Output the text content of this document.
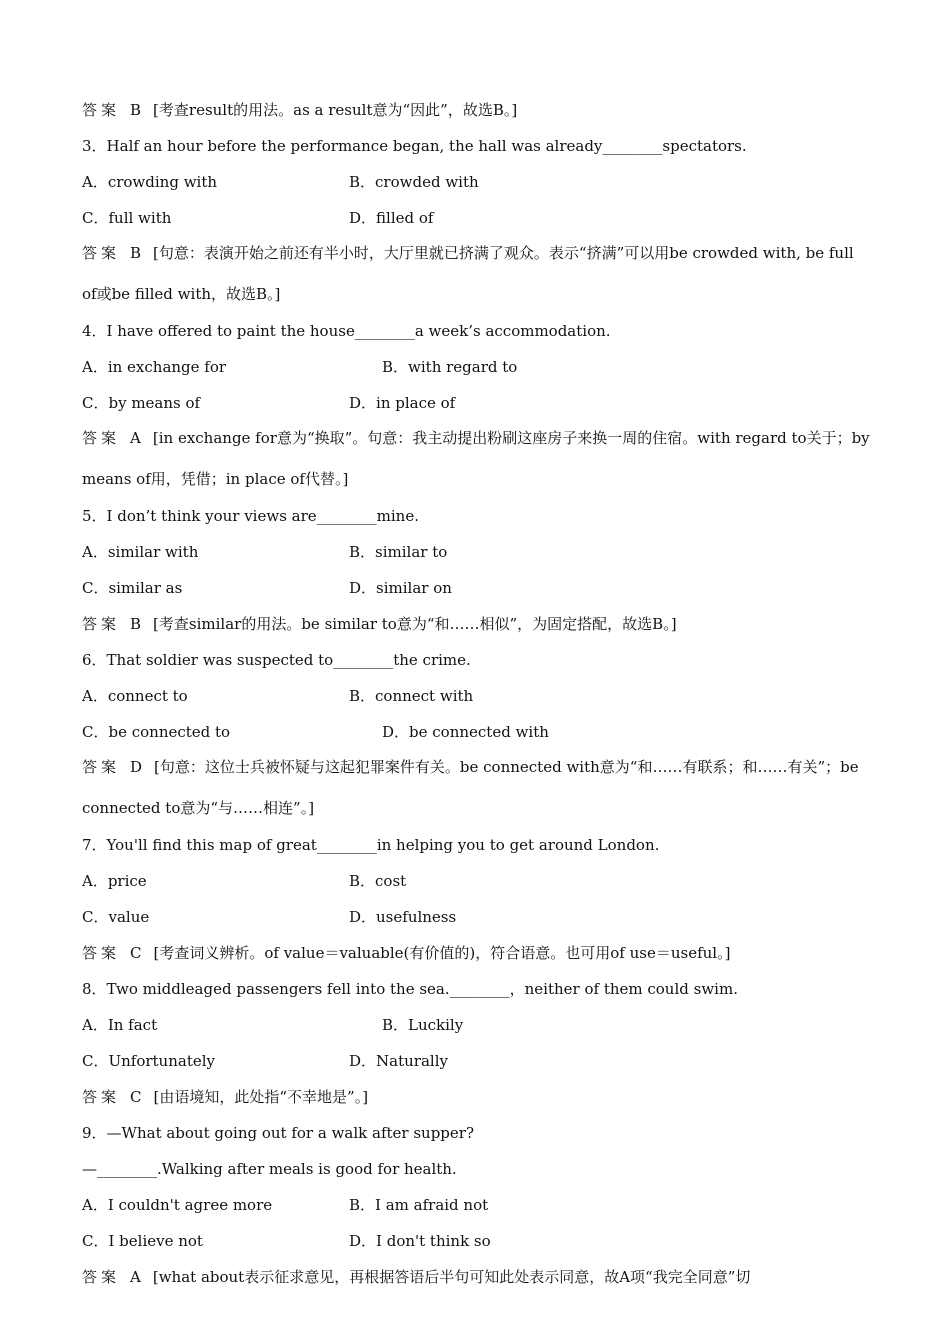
答案 B [考查result的用法。as a result意为“因此”，故选B。]
3．Half an hour before the performance began, the hall was already________spectators.
A．crowding with	B．crowded with
C．full with	D．filled of
答案 B [句意：表演开始之前还有半小时，大厅里就已挤满了观众。表示“挤满”可以用be crowded with, be full of或be filled with，故选B。]
4．I have offered to paint the house________a week’s accommodation.
A．in exchange for	B．with regard to
C．by means of	D．in place of
答案 A [in exchange for意为“换取”。句意：我主动提出粉刷这座房子来换一周的住宿。with regard to关于；by means of用，凭借；in place of代替。]
5．I don’t think your views are________mine.
A．similar with	B．similar to
C．similar as	D．similar on
答案 B [考查similar的用法。be similar to意为“和……相似”，为固定搭配，故选B。]
6．That soldier was suspected to________the crime.
A．connect to	B．connect with
C．be connected to	D．be connected with
答案 D [句意：这位士兵被怀疑与这起犯罪案件有关。be connected with意为“和……有联系；和……有关”；be connected to意为“与……相连”。]
7．You'll find this map of great________in helping you to get around London.
A．price	B．cost
C．value	D．usefulness
答案 C [考查词义辨析。of value＝valuable(有价值的)，符合语意。也可用of use＝useful。]
8．Two middleaged passengers fell into the sea.________，neither of them could swim.
A．In fact	B．Luckily
C．Unfortunately	D．Naturally
答案 C [由语境知，此处指“不幸地是”。]
9．—What about going out for a walk after supper?
—________.Walking after meals is good for health.
A．I couldn't agree more	B．I am afraid not
C．I believe not	D．I don't think so
答案 A [what about表示征求意见，再根据答语后半句可知此处表示同意，故A项“我完全同意”切
